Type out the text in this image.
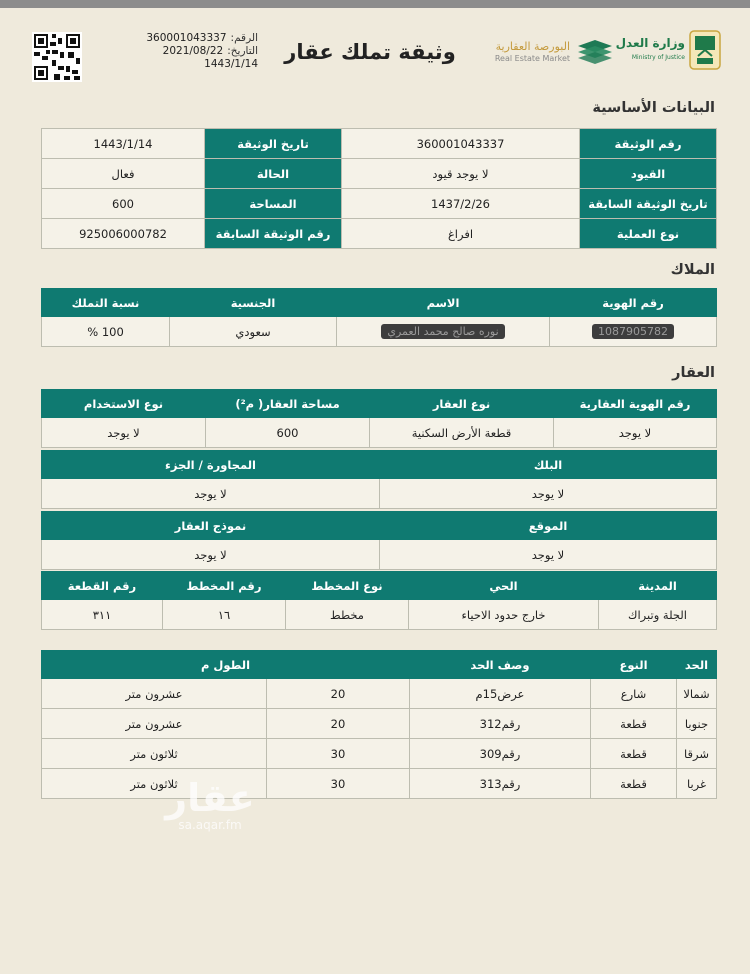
الرقم:
360001043337
التاريخ:
2021/08/22
1443/1/14 وثيقة تملك عقار	البورصة العقارية
Real Estate Market
وزارة العدل
Ministry of Justice
البيانات الأساسية
رقم الوثيقة	360001043337	تاريخ الوثيقة	1443/1/14
القيود	لا يوجد قيود	الحالة	فعال
تاريخ الوثيقة السابقة	1437/2/26	المساحة	600
نوع العملية	افراغ	رقم الوثيقة السابقة	925006000782
الملاك
رقم الهوية	الاسم	الجنسية	نسبة التملك
1087905782	نوره صالح محمد العمري	سعودي	100 %
العقار
رقم الهوية العقارية	نوع العقار	مساحة العقار( م²)	نوع الاستخدام
لا يوجد	قطعة الأرض السكنية	600	لا يوجد
البلك	المجاورة / الجزء
لا يوجد	لا يوجد
الموقع	نموذج العقار
لا يوجد	لا يوجد
المدينة	الحي	نوع المخطط	رقم المخطط	رقم القطعة
الجلة وتبراك	خارج حدود الاحياء	مخطط	١٦	٣١١
الحد	النوع	وصف الحد	الطول م	
شمالا	شارع	عرض15م	20	عشرون متر
جنوبا	قطعة	رقم312	20	عشرون متر
شرقا	قطعة	رقم309	30	ثلاثون متر
غربا	قطعة	رقم313	30	ثلاثون متر
عقار
sa.aqar.fm
